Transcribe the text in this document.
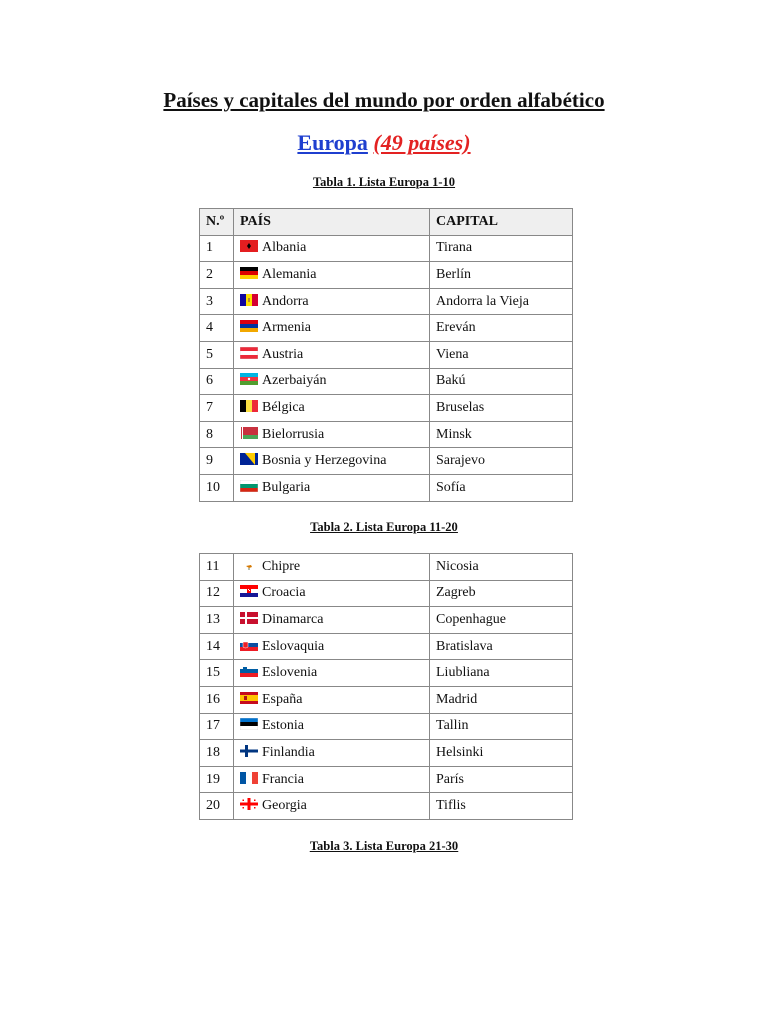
Países y capitales del mundo por orden alfabético
Europa (49 países)
Tabla 1. Lista Europa 1-10
N.º	PAÍS	CAPITAL
1	Albania	Tirana
2	Alemania	Berlín
3	Andorra	Andorra la Vieja
4	Armenia	Ereván
5	Austria	Viena
6	Azerbaiyán	Bakú
7	Bélgica	Bruselas
8	Bielorrusia	Minsk
9	Bosnia y Herzegovina	Sarajevo
10	Bulgaria	Sofía
Tabla 2. Lista Europa 11-20
11	Chipre	Nicosia
12	Croacia	Zagreb
13	Dinamarca	Copenhague
14	Eslovaquia	Bratislava
15	Eslovenia	Liubliana
16	España	Madrid
17	Estonia	Tallin
18	Finlandia	Helsinki
19	Francia	París
20	Georgia	Tiflis
Tabla 3. Lista Europa 21-30
